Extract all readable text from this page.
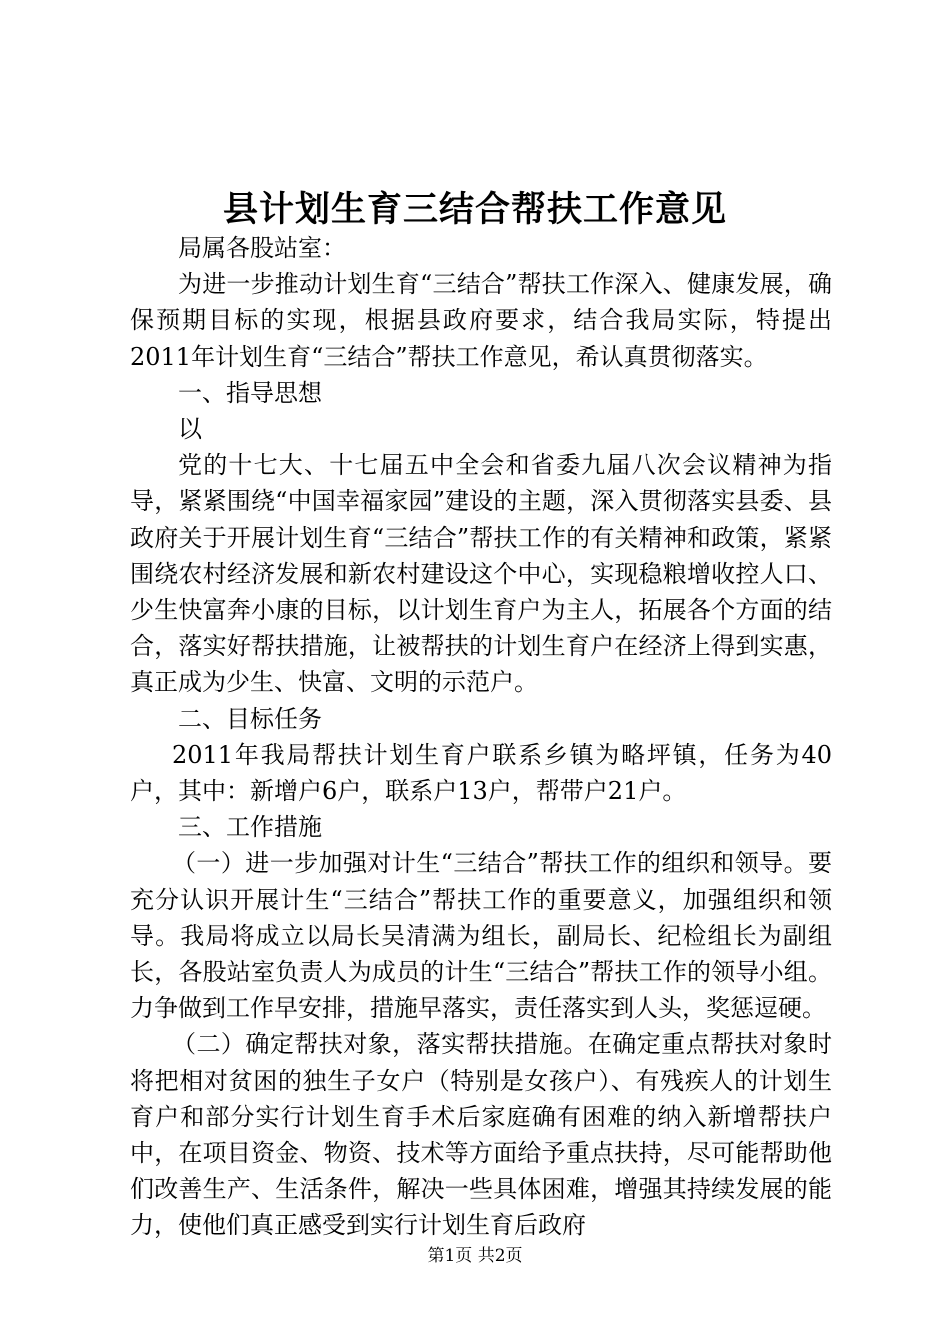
县计划生育三结合帮扶工作意见

局属各股站室：

为进一步推动计划生育“三结合”帮扶工作深入、健康发展，确保预期目标的实现，根据县政府要求，结合我局实际，特提出2011年计划生育“三结合”帮扶工作意见，希认真贯彻落实。

一、指导思想

以

党的十七大、十七届五中全会和省委九届八次会议精神为指导，紧紧围绕“中国幸福家园”建设的主题，深入贯彻落实县委、县政府关于开展计划生育“三结合”帮扶工作的有关精神和政策，紧紧围绕农村经济发展和新农村建设这个中心，实现稳粮增收控人口、少生快富奔小康的目标，以计划生育户为主人，拓展各个方面的结合，落实好帮扶措施，让被帮扶的计划生育户在经济上得到实惠，真正成为少生、快富、文明的示范户。

二、目标任务

2011年我局帮扶计划生育户联系乡镇为略坪镇，任务为40户，其中：新增户6户，联系户13户，帮带户21户。

三、工作措施

（一）进一步加强对计生“三结合”帮扶工作的组织和领导。要充分认识开展计生“三结合”帮扶工作的重要意义，加强组织和领导。我局将成立以局长吴清满为组长，副局长、纪检组长为副组长，各股站室负责人为成员的计生“三结合”帮扶工作的领导小组。力争做到工作早安排，措施早落实，责任落实到人头，奖惩逗硬。

（二）确定帮扶对象，落实帮扶措施。在确定重点帮扶对象时将把相对贫困的独生子女户（特别是女孩户）、有残疾人的计划生育户和部分实行计划生育手术后家庭确有困难的纳入新增帮扶户中，在项目资金、物资、技术等方面给予重点扶持，尽可能帮助他们改善生产、生活条件，解决一些具体困难，增强其持续发展的能力，使他们真正感受到实行计划生育后政府

第1页 共2页
